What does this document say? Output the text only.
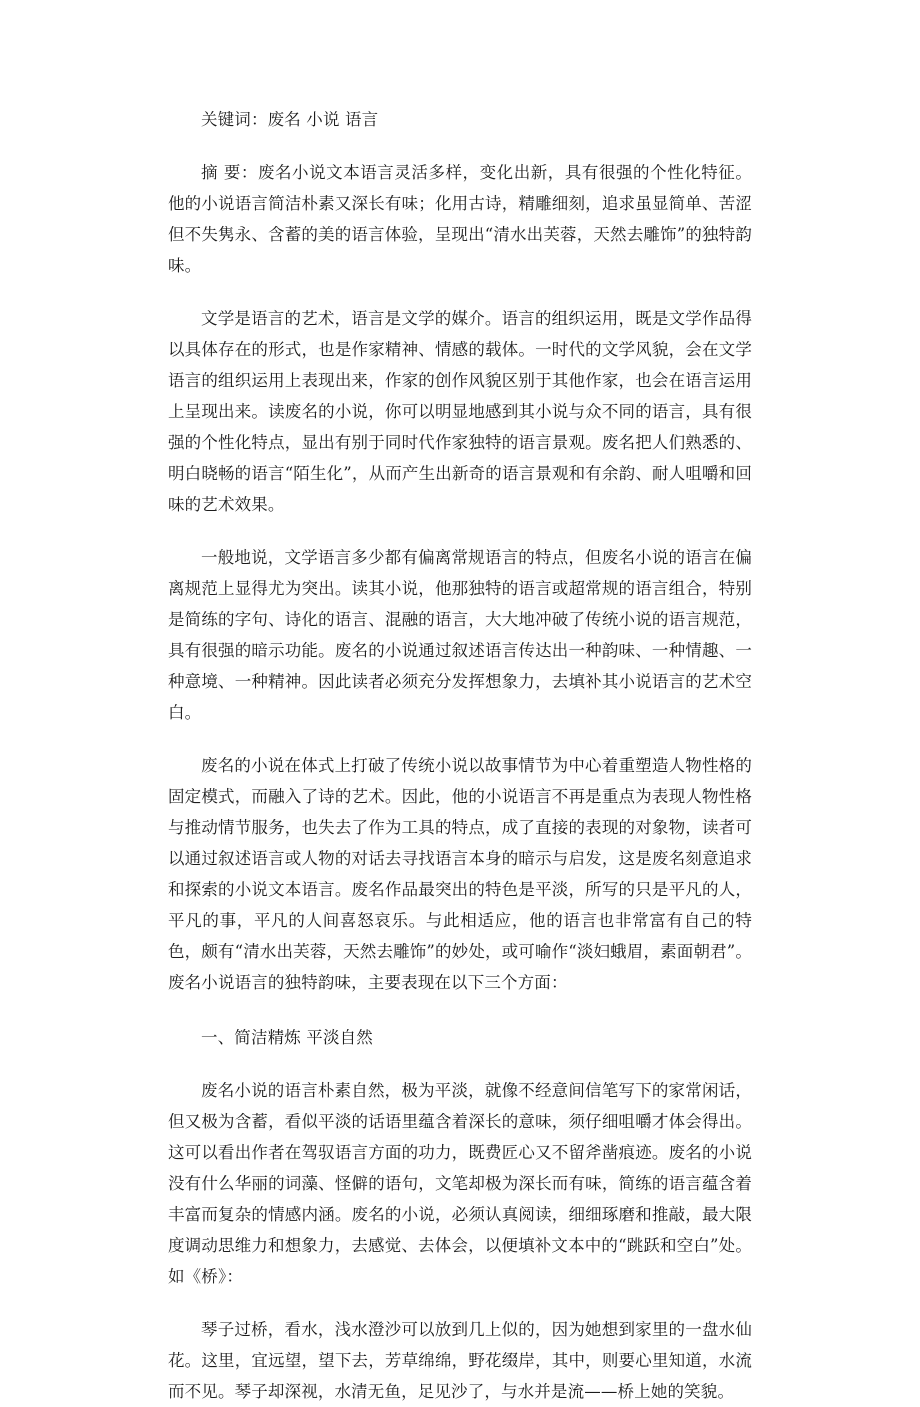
关键词：废名 小说 语言

摘 要：废名小说文本语言灵活多样，变化出新，具有很强的个性化特征。他的小说语言简洁朴素又深长有味；化用古诗，精雕细刻，追求虽显简单、苦涩但不失隽永、含蓄的美的语言体验，呈现出“清水出芙蓉，天然去雕饰”的独特韵味。

文学是语言的艺术，语言是文学的媒介。语言的组织运用，既是文学作品得以具体存在的形式，也是作家精神、情感的载体。一时代的文学风貌，会在文学语言的组织运用上表现出来，作家的创作风貌区别于其他作家，也会在语言运用上呈现出来。读废名的小说，你可以明显地感到其小说与众不同的语言，具有很强的个性化特点，显出有别于同时代作家独特的语言景观。废名把人们熟悉的、明白晓畅的语言“陌生化”，从而产生出新奇的语言景观和有余韵、耐人咀嚼和回味的艺术效果。

一般地说，文学语言多少都有偏离常规语言的特点，但废名小说的语言在偏离规范上显得尤为突出。读其小说，他那独特的语言或超常规的语言组合，特别是简练的字句、诗化的语言、混融的语言，大大地冲破了传统小说的语言规范，具有很强的暗示功能。废名的小说通过叙述语言传达出一种韵味、一种情趣、一种意境、一种精神。因此读者必须充分发挥想象力，去填补其小说语言的艺术空白。

废名的小说在体式上打破了传统小说以故事情节为中心着重塑造人物性格的固定模式，而融入了诗的艺术。因此，他的小说语言不再是重点为表现人物性格与推动情节服务，也失去了作为工具的特点，成了直接的表现的对象物，读者可以通过叙述语言或人物的对话去寻找语言本身的暗示与启发，这是废名刻意追求和探索的小说文本语言。废名作品最突出的特色是平淡，所写的只是平凡的人，平凡的事，平凡的人间喜怒哀乐。与此相适应，他的语言也非常富有自己的特色，颇有“清水出芙蓉，天然去雕饰”的妙处，或可喻作“淡妇蛾眉，素面朝君”。废名小说语言的独特韵味，主要表现在以下三个方面：

一、简洁精炼 平淡自然

废名小说的语言朴素自然，极为平淡，就像不经意间信笔写下的家常闲话，但又极为含蓄，看似平淡的话语里蕴含着深长的意味，须仔细咀嚼才体会得出。这可以看出作者在驾驭语言方面的功力，既费匠心又不留斧凿痕迹。废名的小说没有什么华丽的词藻、怪僻的语句，文笔却极为深长而有味，简练的语言蕴含着丰富而复杂的情感内涵。废名的小说，必须认真阅读，细细琢磨和推敲，最大限度调动思维力和想象力，去感觉、去体会，以便填补文本中的“跳跃和空白”处。如《桥》：

琴子过桥，看水，浅水澄沙可以放到几上似的，因为她想到家里的一盘水仙花。这里，宜远望，望下去，芳草绵绵，野花缀岸，其中，则要心里知道，水流而不见。琴子却深视，水清无鱼，足见沙了，与水并是流——桥上她的笑貌。
